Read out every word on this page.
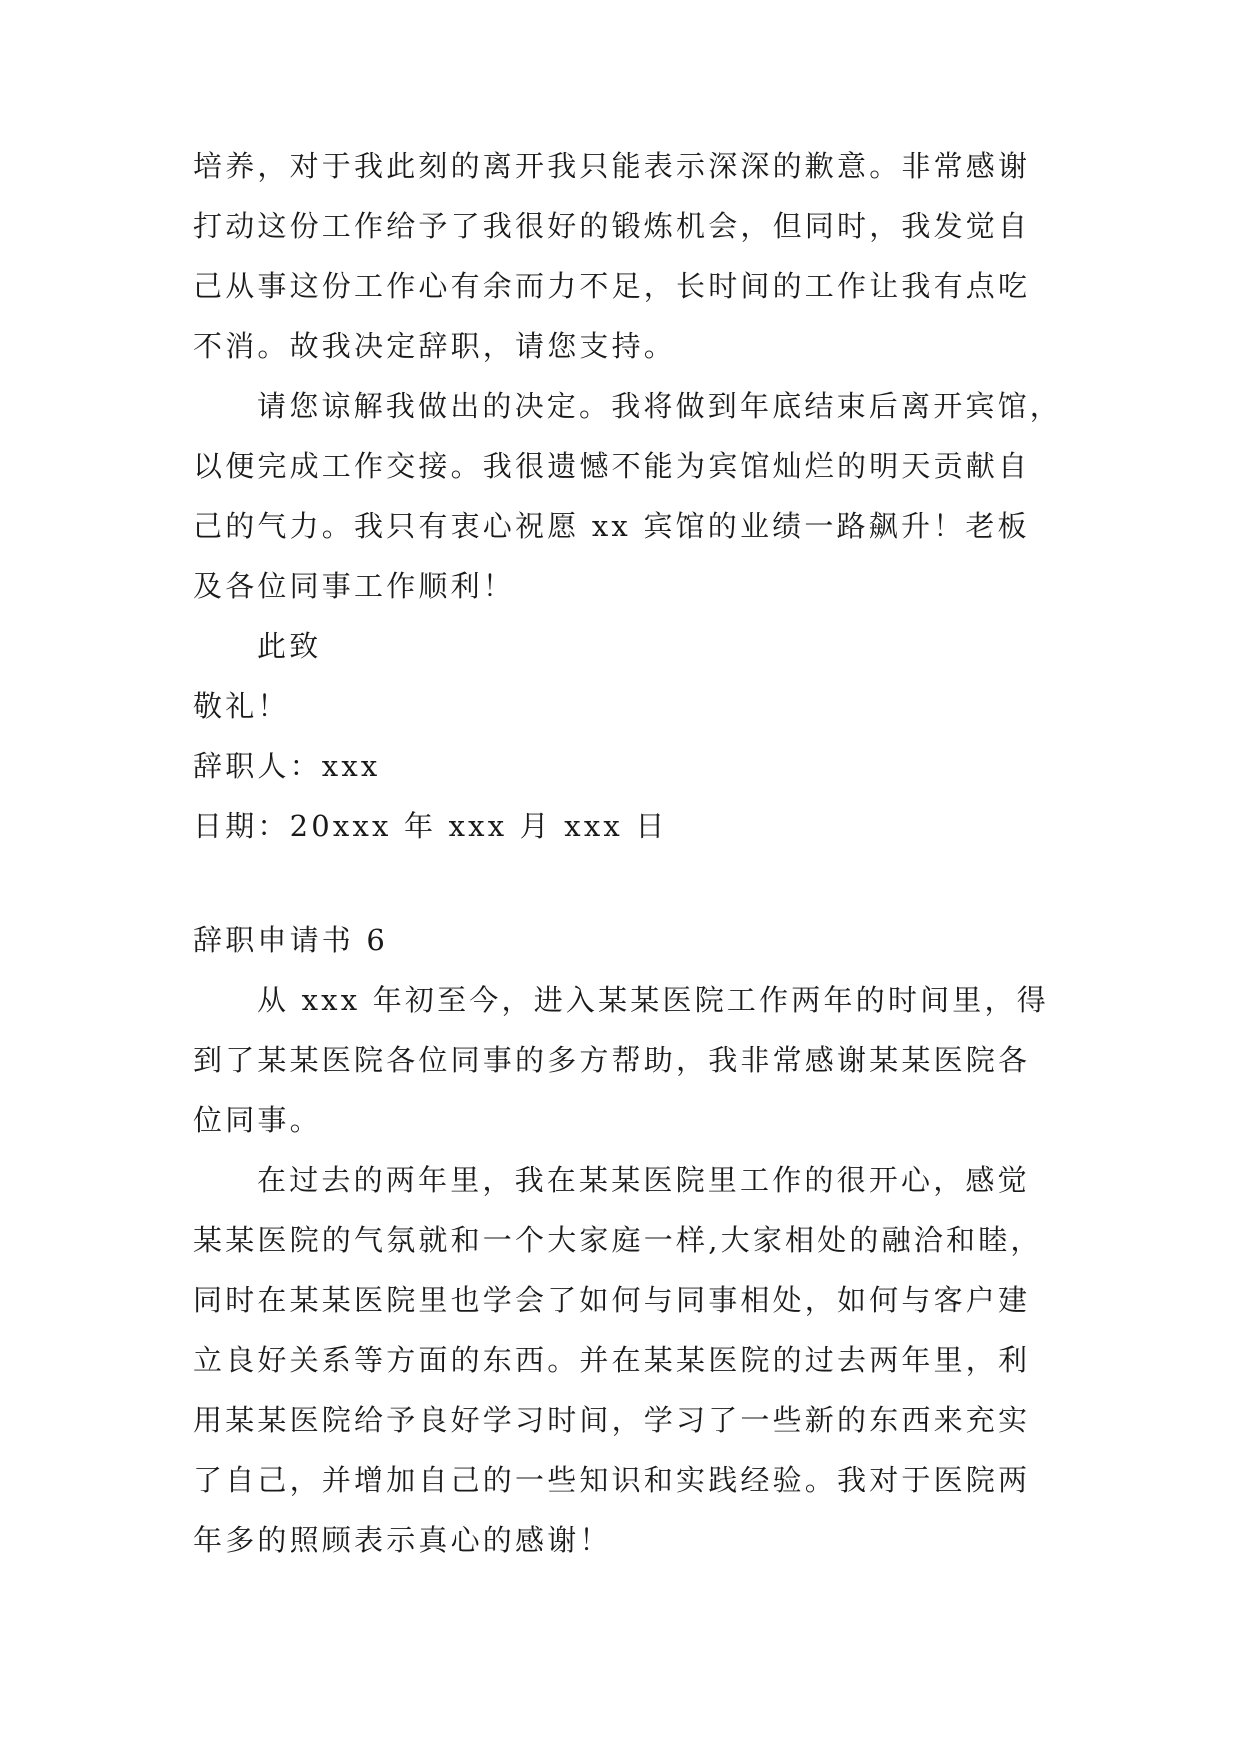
培养，对于我此刻的离开我只能表示深深的歉意。非常感谢
打动这份工作给予了我很好的锻炼机会，但同时，我发觉自
己从事这份工作心有余而力不足，长时间的工作让我有点吃
不消。故我决定辞职，请您支持。
请您谅解我做出的决定。我将做到年底结束后离开宾馆，
以便完成工作交接。我很遗憾不能为宾馆灿烂的明天贡献自
己的气力。我只有衷心祝愿 xx 宾馆的业绩一路飙升！老板
及各位同事工作顺利！
此致
敬礼！
辞职人：xxx
日期：20xxx 年 xxx 月 xxx 日
辞职申请书 6
从 xxx 年初至今，进入某某医院工作两年的时间里，得
到了某某医院各位同事的多方帮助，我非常感谢某某医院各
位同事。
在过去的两年里，我在某某医院里工作的很开心，感觉
某某医院的气氛就和一个大家庭一样,大家相处的融洽和睦，
同时在某某医院里也学会了如何与同事相处，如何与客户建
立良好关系等方面的东西。并在某某医院的过去两年里，利
用某某医院给予良好学习时间，学习了一些新的东西来充实
了自己，并增加自己的一些知识和实践经验。我对于医院两
年多的照顾表示真心的感谢！
